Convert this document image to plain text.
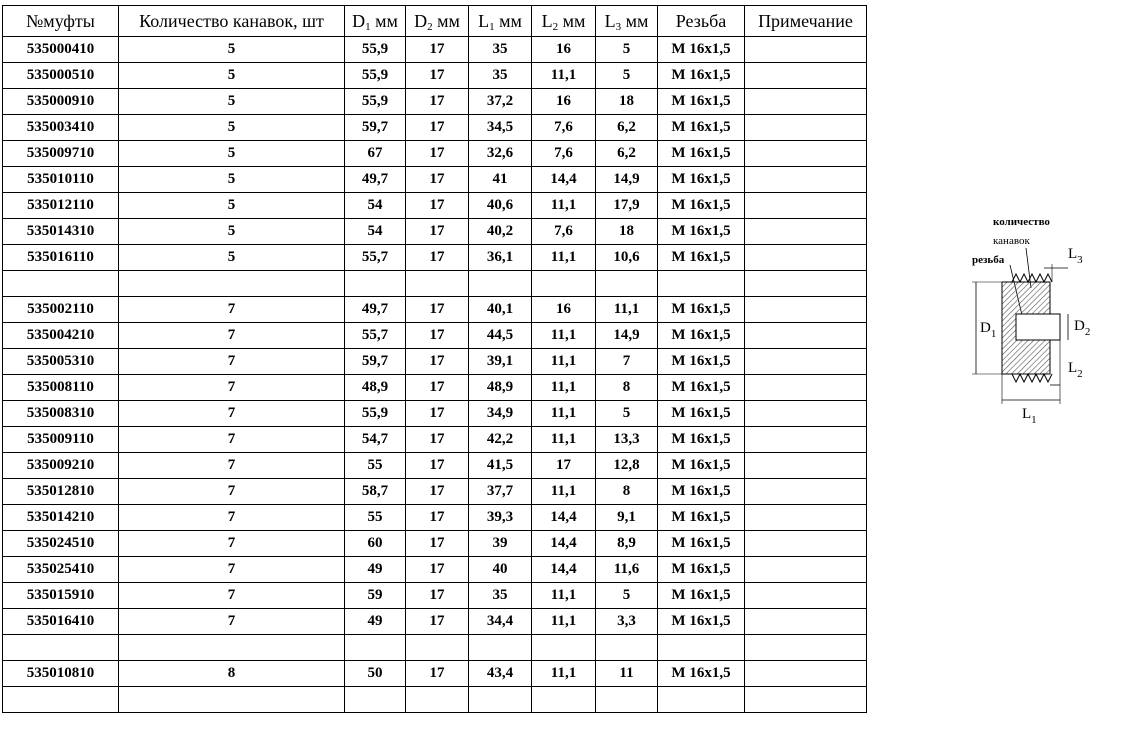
№муфты	Количество канавок, шт	$D_1$ мм	$D_2$ мм	$L_1$ мм	$L_2$ мм	$L_3$ мм	Резьба	Примечание
535000410	5	55,9	17	35	16	5	M 16x1,5	
535000510	5	55,9	17	35	11,1	5	M 16x1,5	
535000910	5	55,9	17	37,2	16	18	M 16x1,5	
535003410	5	59,7	17	34,5	7,6	6,2	M 16x1,5	
535009710	5	67	17	32,6	7,6	6,2	M 16x1,5	
535010110	5	49,7	17	41	14,4	14,9	M 16x1,5	
535012110	5	54	17	40,6	11,1	17,9	M 16x1,5	
535014310	5	54	17	40,2	7,6	18	M 16x1,5	
535016110	5	55,7	17	36,1	11,1	10,6	M 16x1,5	

535002110	7	49,7	17	40,1	16	11,1	M 16x1,5	
535004210	7	55,7	17	44,5	11,1	14,9	M 16x1,5	
535005310	7	59,7	17	39,1	11,1	7	M 16x1,5	
535008110	7	48,9	17	48,9	11,1	8	M 16x1,5	
535008310	7	55,9	17	34,9	11,1	5	M 16x1,5	
535009110	7	54,7	17	42,2	11,1	13,3	M 16x1,5	
535009210	7	55	17	41,5	17	12,8	M 16x1,5	
535012810	7	58,7	17	37,7	11,1	8	M 16x1,5	
535014210	7	55	17	39,3	14,4	9,1	M 16x1,5	
535024510	7	60	17	39	14,4	8,9	M 16x1,5	
535025410	7	49	17	40	14,4	11,6	M 16x1,5	
535015910	7	59	17	35	11,1	5	M 16x1,5	
535016410	7	49	17	34,4	11,1	3,3	M 16x1,5	

535010810	8	50	17	43,4	11,1	11	M 16x1,5	

количество
канавок
резьба
$D_1$	$D_2$
$L_1$
$L_2$
$L_3$
